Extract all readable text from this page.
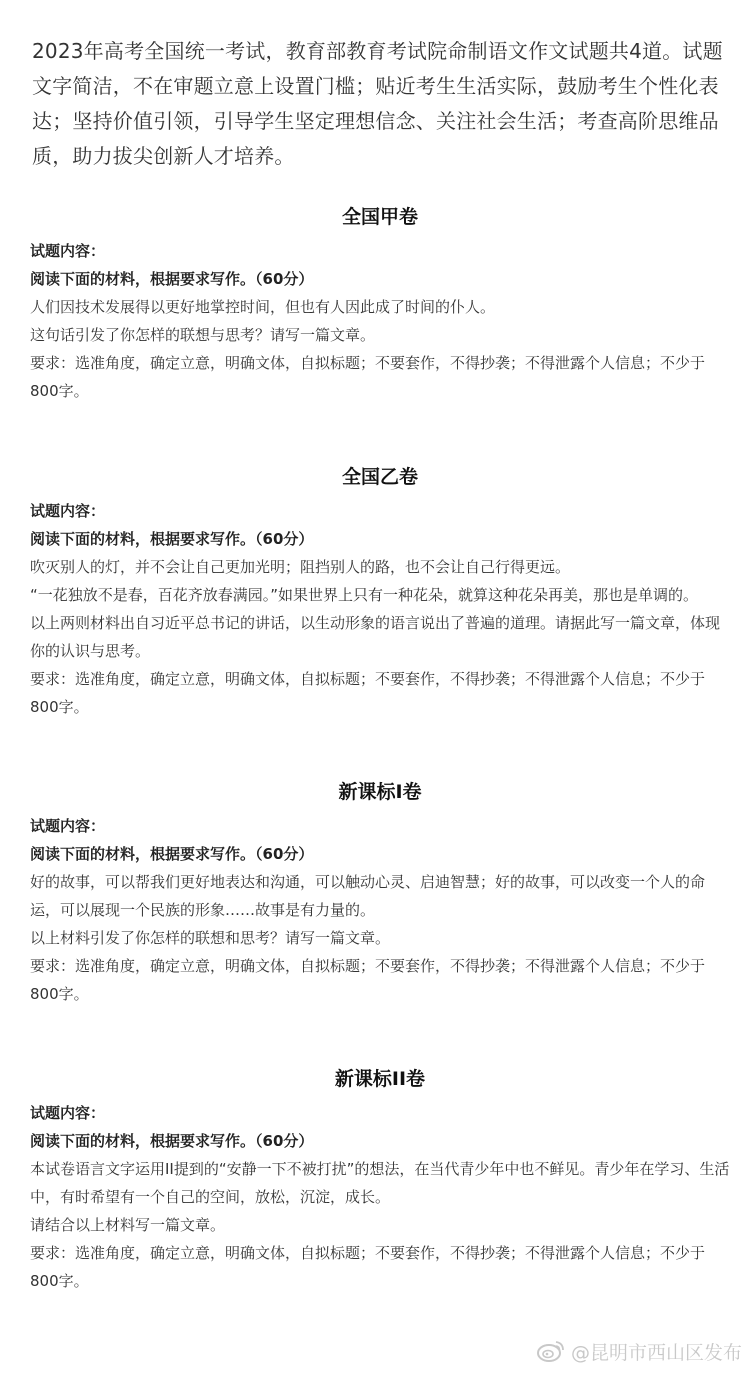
2023年高考全国统一考试，教育部教育考试院命制语文作文试题共4道。试题文字简洁，不在审题立意上设置门槛；贴近考生生活实际，鼓励考生个性化表达；坚持价值引领，引导学生坚定理想信念、关注社会生活；考查高阶思维品质，助力拔尖创新人才培养。

全国甲卷

试题内容：

阅读下面的材料，根据要求写作。（60分）

人们因技术发展得以更好地掌控时间，但也有人因此成了时间的仆人。

这句话引发了你怎样的联想与思考？请写一篇文章。

要求：选准角度，确定立意，明确文体，自拟标题；不要套作，不得抄袭；不得泄露个人信息；不少于800字。

全国乙卷

试题内容：

阅读下面的材料，根据要求写作。（60分）

吹灭别人的灯，并不会让自己更加光明；阻挡别人的路，也不会让自己行得更远。

“一花独放不是春，百花齐放春满园。”如果世界上只有一种花朵，就算这种花朵再美，那也是单调的。

以上两则材料出自习近平总书记的讲话，以生动形象的语言说出了普遍的道理。请据此写一篇文章，体现你的认识与思考。

要求：选准角度，确定立意，明确文体，自拟标题；不要套作，不得抄袭；不得泄露个人信息；不少于800字。

新课标I卷

试题内容：

阅读下面的材料，根据要求写作。（60分）

好的故事，可以帮我们更好地表达和沟通，可以触动心灵、启迪智慧；好的故事，可以改变一个人的命运，可以展现一个民族的形象……故事是有力量的。

以上材料引发了你怎样的联想和思考？请写一篇文章。

要求：选准角度，确定立意，明确文体，自拟标题；不要套作，不得抄袭；不得泄露个人信息；不少于800字。

新课标II卷

试题内容：

阅读下面的材料，根据要求写作。（60分）

本试卷语言文字运用II提到的“安静一下不被打扰”的想法，在当代青少年中也不鲜见。青少年在学习、生活中，有时希望有一个自己的空间，放松，沉淀，成长。

请结合以上材料写一篇文章。

要求：选准角度，确定立意，明确文体，自拟标题；不要套作，不得抄袭；不得泄露个人信息；不少于800字。

@昆明市西山区发布
